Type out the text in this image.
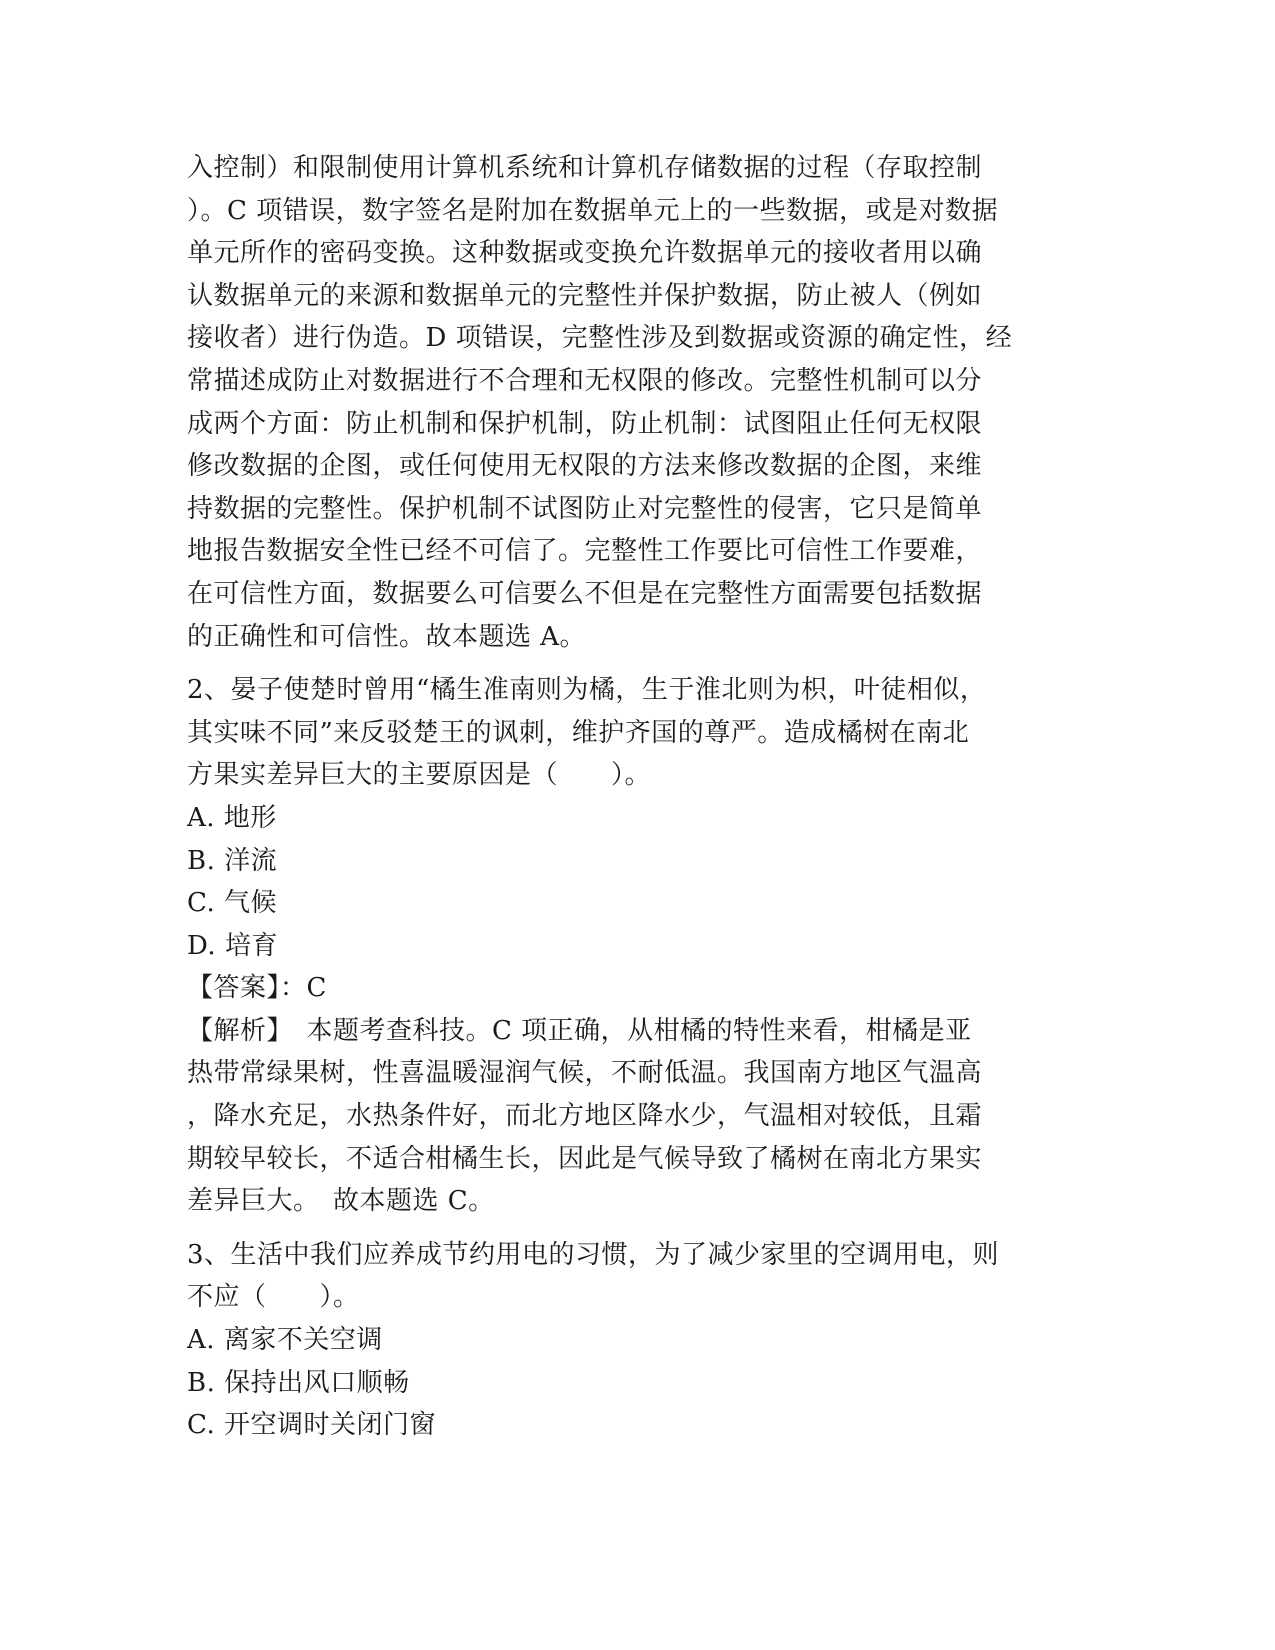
入控制）和限制使用计算机系统和计算机存储数据的过程（存取控制
）。C 项错误，数字签名是附加在数据单元上的一些数据，或是对数据
单元所作的密码变换。这种数据或变换允许数据单元的接收者用以确
认数据单元的来源和数据单元的完整性并保护数据，防止被人（例如
接收者）进行伪造。D 项错误，完整性涉及到数据或资源的确定性，经
常描述成防止对数据进行不合理和无权限的修改。完整性机制可以分
成两个方面：防止机制和保护机制，防止机制：试图阻止任何无权限
修改数据的企图，或任何使用无权限的方法来修改数据的企图，来维
持数据的完整性。保护机制不试图防止对完整性的侵害，它只是简单
地报告数据安全性已经不可信了。完整性工作要比可信性工作要难，
在可信性方面，数据要么可信要么不但是在完整性方面需要包括数据
的正确性和可信性。故本题选 A。
2、晏子使楚时曾用“橘生准南则为橘，生于淮北则为枳，叶徒相似，
其实味不同”来反驳楚王的讽刺，维护齐国的尊严。造成橘树在南北
方果实差异巨大的主要原因是（　　）。
A. 地形
B. 洋流
C. 气候
D. 培育
【答案】：C
【解析】　本题考查科技。C 项正确，从柑橘的特性来看，柑橘是亚
热带常绿果树，性喜温暖湿润气候，不耐低温。我国南方地区气温高
，降水充足，水热条件好，而北方地区降水少，气温相对较低，且霜
期较早较长，不适合柑橘生长，因此是气候导致了橘树在南北方果实
差异巨大。　故本题选 C。
3、生活中我们应养成节约用电的习惯，为了减少家里的空调用电，则
不应（　　）。
A. 离家不关空调
B. 保持出风口顺畅
C. 开空调时关闭门窗
